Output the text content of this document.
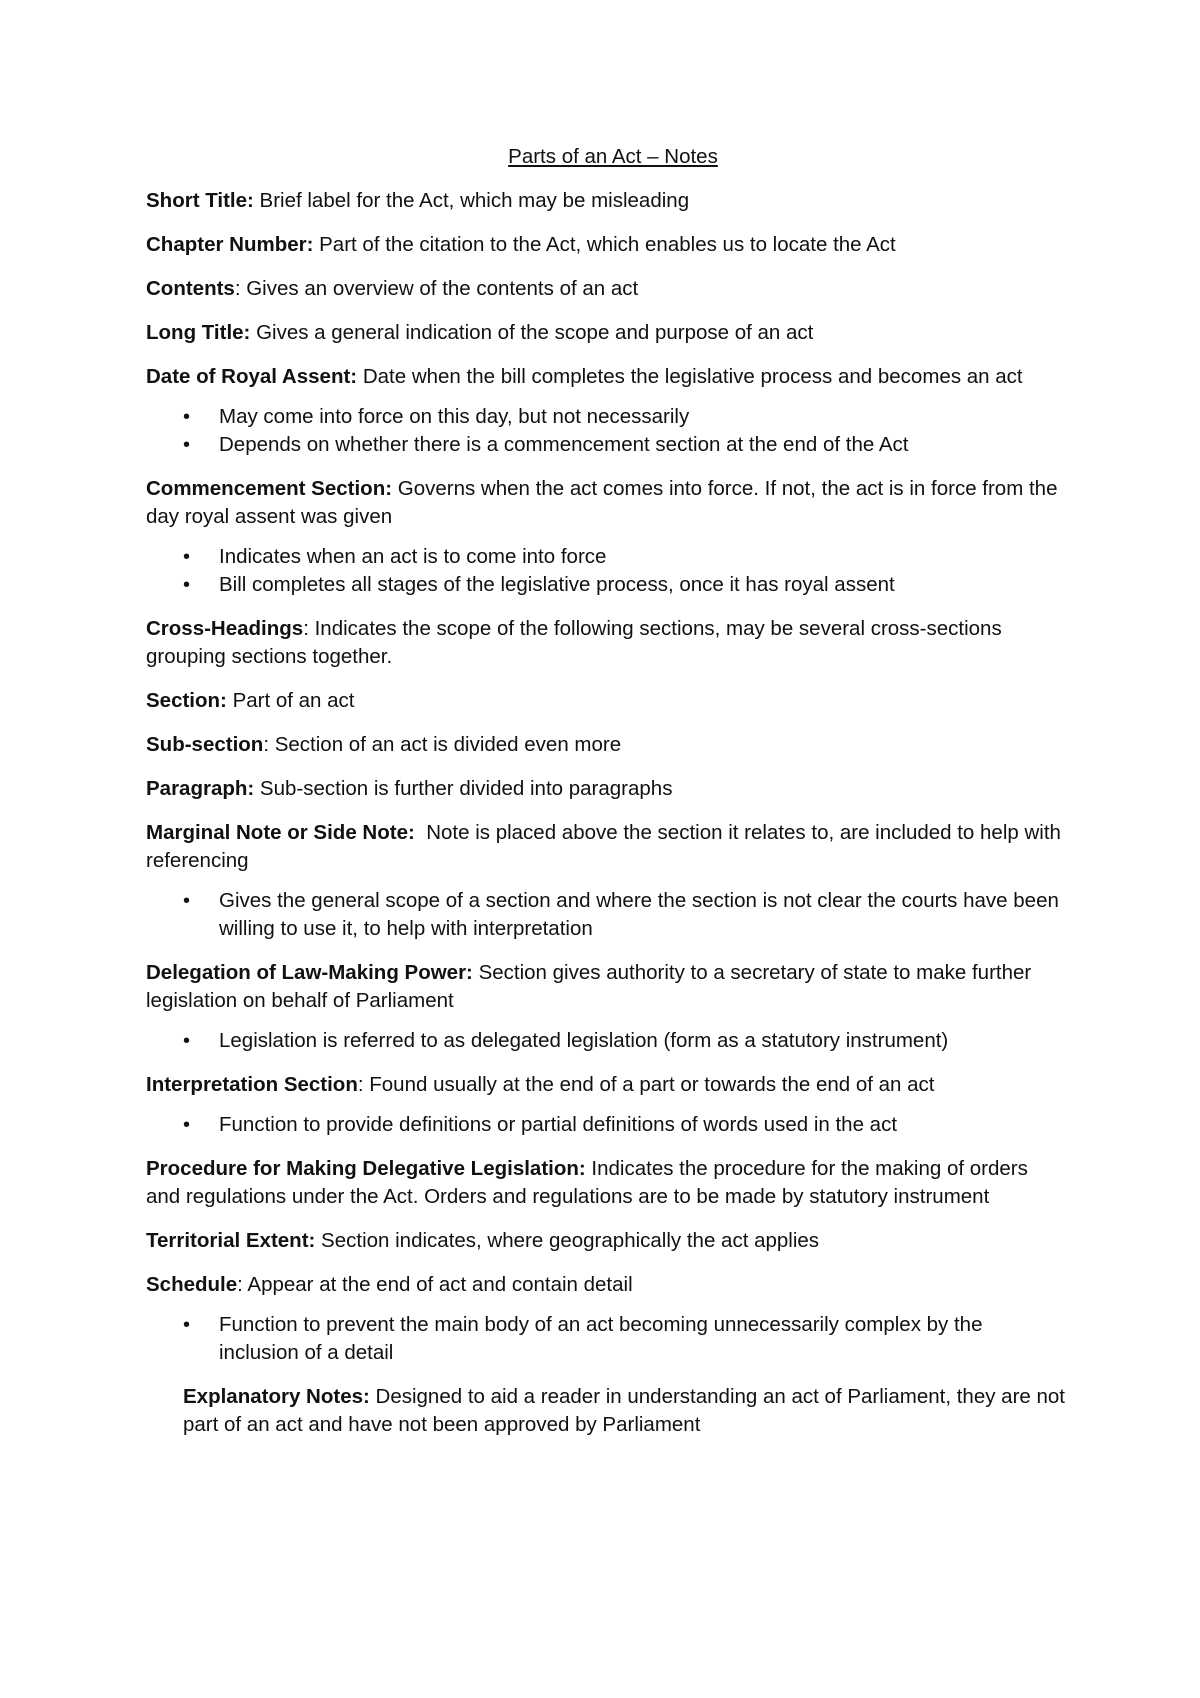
Parts of an Act – Notes

Short Title: Brief label for the Act, which may be misleading

Chapter Number: Part of the citation to the Act, which enables us to locate the Act

Contents: Gives an overview of the contents of an act

Long Title: Gives a general indication of the scope and purpose of an act

Date of Royal Assent: Date when the bill completes the legislative process and becomes an act

• May come into force on this day, but not necessarily
• Depends on whether there is a commencement section at the end of the Act

Commencement Section: Governs when the act comes into force. If not, the act is in force from the day royal assent was given

• Indicates when an act is to come into force
• Bill completes all stages of the legislative process, once it has royal assent

Cross-Headings: Indicates the scope of the following sections, may be several cross-sections grouping sections together.

Section: Part of an act

Sub-section: Section of an act is divided even more

Paragraph: Sub-section is further divided into paragraphs

Marginal Note or Side Note:  Note is placed above the section it relates to, are included to help with referencing

• Gives the general scope of a section and where the section is not clear the courts have been willing to use it, to help with interpretation

Delegation of Law-Making Power: Section gives authority to a secretary of state to make further legislation on behalf of Parliament

• Legislation is referred to as delegated legislation (form as a statutory instrument)

Interpretation Section: Found usually at the end of a part or towards the end of an act

• Function to provide definitions or partial definitions of words used in the act

Procedure for Making Delegative Legislation: Indicates the procedure for the making of orders and regulations under the Act. Orders and regulations are to be made by statutory instrument

Territorial Extent: Section indicates, where geographically the act applies

Schedule: Appear at the end of act and contain detail

• Function to prevent the main body of an act becoming unnecessarily complex by the inclusion of a detail

Explanatory Notes: Designed to aid a reader in understanding an act of Parliament, they are not part of an act and have not been approved by Parliament
